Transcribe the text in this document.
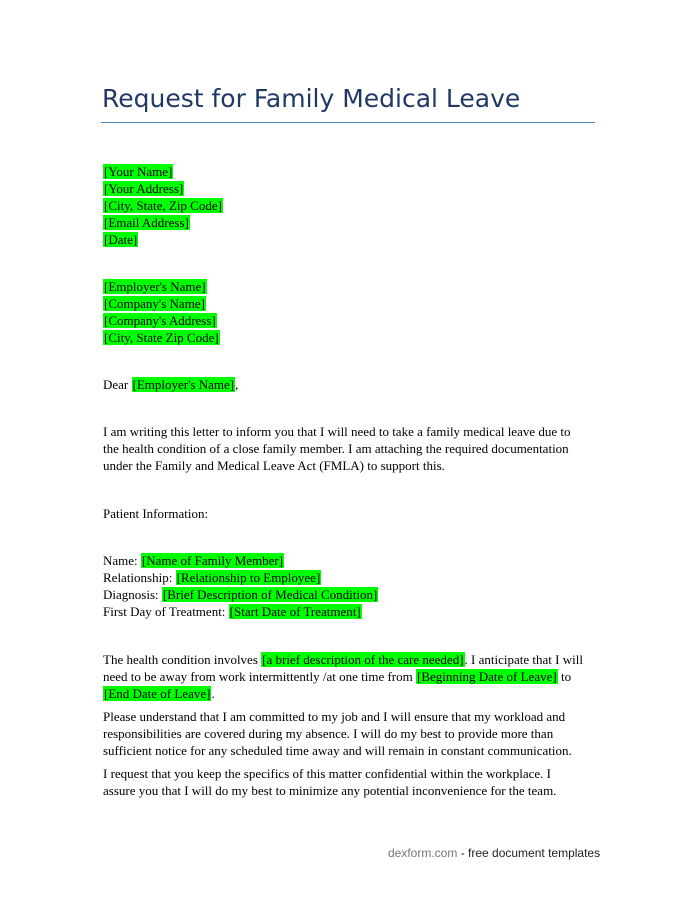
Request for Family Medical Leave
[Your Name]
[Your Address]
[City, State, Zip Code]
[Email Address]
[Date]
[Employer's Name]
[Company's Name]
[Company's Address]
[City, State Zip Code]
Dear [Employer's Name],
I am writing this letter to inform you that I will need to take a family medical leave due to
the health condition of a close family member. I am attaching the required documentation
under the Family and Medical Leave Act (FMLA) to support this.
Patient Information:
Name: [Name of Family Member]
Relationship: [Relationship to Employee]
Diagnosis: [Brief Description of Medical Condition]
First Day of Treatment: [Start Date of Treatment]
The health condition involves [a brief description of the care needed]. I anticipate that I will
need to be away from work intermittently /at one time from [Beginning Date of Leave] to
[End Date of Leave].
Please understand that I am committed to my job and I will ensure that my workload and
responsibilities are covered during my absence. I will do my best to provide more than
sufficient notice for any scheduled time away and will remain in constant communication.
I request that you keep the specifics of this matter confidential within the workplace. I
assure you that I will do my best to minimize any potential inconvenience for the team.
dexform.com - free document templates
